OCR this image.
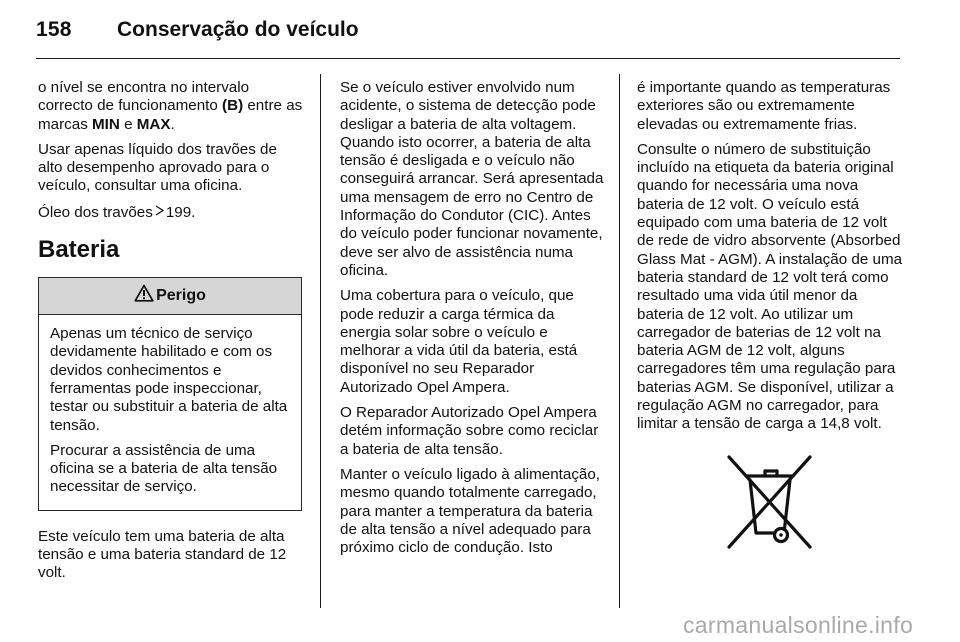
158 Conservação do veículo

o nível se encontra no intervalo correcto de funcionamento (B) entre as marcas MIN e MAX.

Usar apenas líquido dos travões de alto desempenho aprovado para o veículo, consultar uma oficina.

Óleo dos travões 199.

Bateria
Perigo

Apenas um técnico de serviço devidamente habilitado e com os devidos conhecimentos e ferramentas pode inspeccionar, testar ou substituir a bateria de alta tensão.

Procurar a assistência de uma oficina se a bateria de alta tensão necessitar de serviço.

Este veículo tem uma bateria de alta tensão e uma bateria standard de 12 volt.

Se o veículo estiver envolvido num acidente, o sistema de detecção pode desligar a bateria de alta voltagem. Quando isto ocorrer, a bateria de alta tensão é desligada e o veículo não conseguirá arrancar. Será apresentada uma mensagem de erro no Centro de Informação do Condutor (CIC). Antes do veículo poder funcionar novamente, deve ser alvo de assistência numa oficina.

Uma cobertura para o veículo, que pode reduzir a carga térmica da energia solar sobre o veículo e melhorar a vida útil da bateria, está disponível no seu Reparador Autorizado Opel Ampera.

O Reparador Autorizado Opel Ampera detém informação sobre como reciclar a bateria de alta tensão.

Manter o veículo ligado à alimentação, mesmo quando totalmente carregado, para manter a temperatura da bateria de alta tensão a nível adequado para próximo ciclo de condução. Isto

é importante quando as temperaturas exteriores são ou extremamente elevadas ou extremamente frias.

Consulte o número de substituição incluído na etiqueta da bateria original quando for necessária uma nova bateria de 12 volt. O veículo está equipado com uma bateria de 12 volt de rede de vidro absorvente (Absorbed Glass Mat - AGM). A instalação de uma bateria standard de 12 volt terá como resultado uma vida útil menor da bateria de 12 volt. Ao utilizar um carregador de baterias de 12 volt na bateria AGM de 12 volt, alguns carregadores têm uma regulação para baterias AGM. Se disponível, utilizar a regulação AGM no carregador, para limitar a tensão de carga a 14,8 volt.

carmanualsonline.info
